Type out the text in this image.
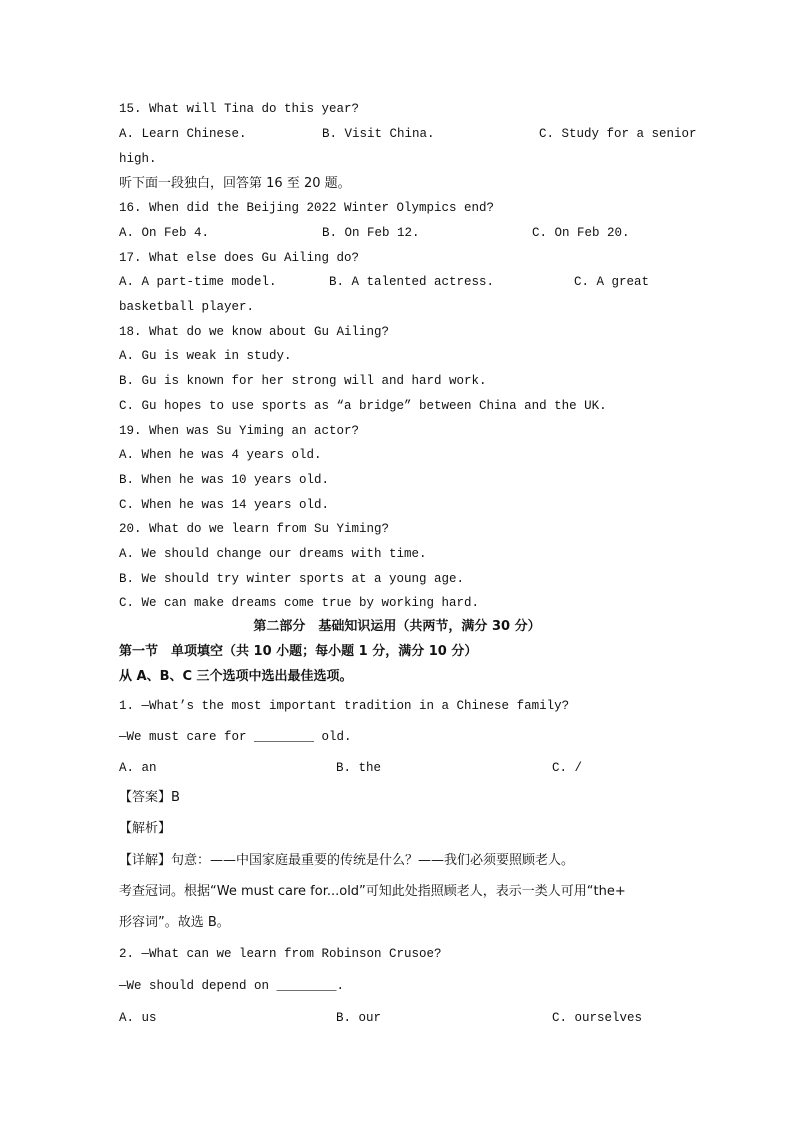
15. What will Tina do this year?
A. Learn Chinese.	B. Visit China.	C. Study for a senior
high.
听下面一段独白，回答第 16 至 20 题。
16. When did the Beijing 2022 Winter Olympics end?
A. On Feb 4.	B. On Feb 12.	C. On Feb 20.
17. What else does Gu Ailing do?
A. A part-time model.	B. A talented actress.	C. A great
basketball player.
18. What do we know about Gu Ailing?
A. Gu is weak in study.
B. Gu is known for her strong will and hard work.
C. Gu hopes to use sports as “a bridge” between China and the UK.
19. When was Su Yiming an actor?
A. When he was 4 years old.
B. When he was 10 years old.
C. When he was 14 years old.
20. What do we learn from Su Yiming?
A. We should change our dreams with time.
B. We should try winter sports at a young age.
C. We can make dreams come true by working hard.
第二部分　基础知识运用（共两节，满分 30 分）
第一节　单项填空（共 10 小题；每小题 1 分，满分 10 分）
从 A、B、C 三个选项中选出最佳选项。
1. —What’s the most important tradition in a Chinese family?
—We must care for ________ old.
A. an	B. the	C. /
【答案】B
【解析】
【详解】句意：——中国家庭最重要的传统是什么？——我们必须要照顾老人。
考查冠词。根据“We must care for...old”可知此处指照顾老人，表示一类人可用“the+
形容词”。故选 B。
2. —What can we learn from Robinson Crusoe?
—We should depend on ________.
A. us	B. our	C. ourselves
